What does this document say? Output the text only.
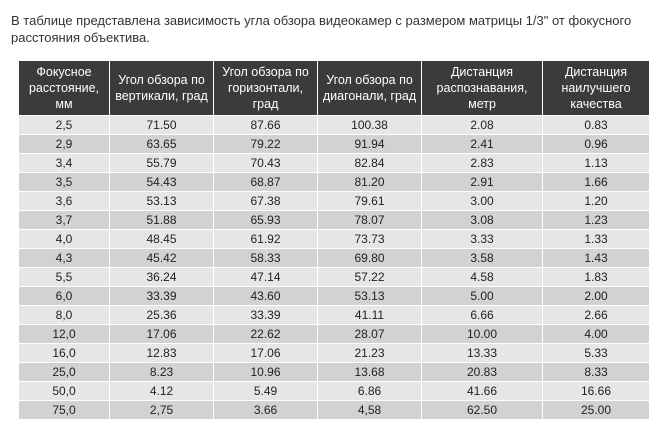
В таблице представлена зависимость угла обзора видеокамер с размером матрицы 1/3" от фокусного расстояния объектива.
Фокусное расстояние, мм	Угол обзора по вертикали, град	Угол обзора по горизонтали, град	Угол обзора по диагонали, град	Дистанция распознавания, метр	Дистанция наилучшего качества
2,5	71.50	87.66	100.38	2.08	0.83
2,9	63.65	79.22	91.94	2.41	0.96
3,4	55.79	70.43	82.84	2.83	1.13
3,5	54.43	68.87	81.20	2.91	1.66
3,6	53.13	67.38	79.61	3.00	1.20
3,7	51.88	65.93	78.07	3.08	1.23
4,0	48.45	61.92	73.73	3.33	1.33
4,3	45.42	58.33	69.80	3.58	1.43
5,5	36.24	47.14	57.22	4.58	1.83
6,0	33.39	43.60	53.13	5.00	2.00
8,0	25.36	33.39	41.11	6.66	2.66
12,0	17.06	22.62	28.07	10.00	4.00
16,0	12.83	17.06	21.23	13.33	5.33
25,0	8.23	10.96	13.68	20.83	8.33
50,0	4.12	5.49	6.86	41.66	16.66
75,0	2,75	3.66	4,58	62.50	25.00
